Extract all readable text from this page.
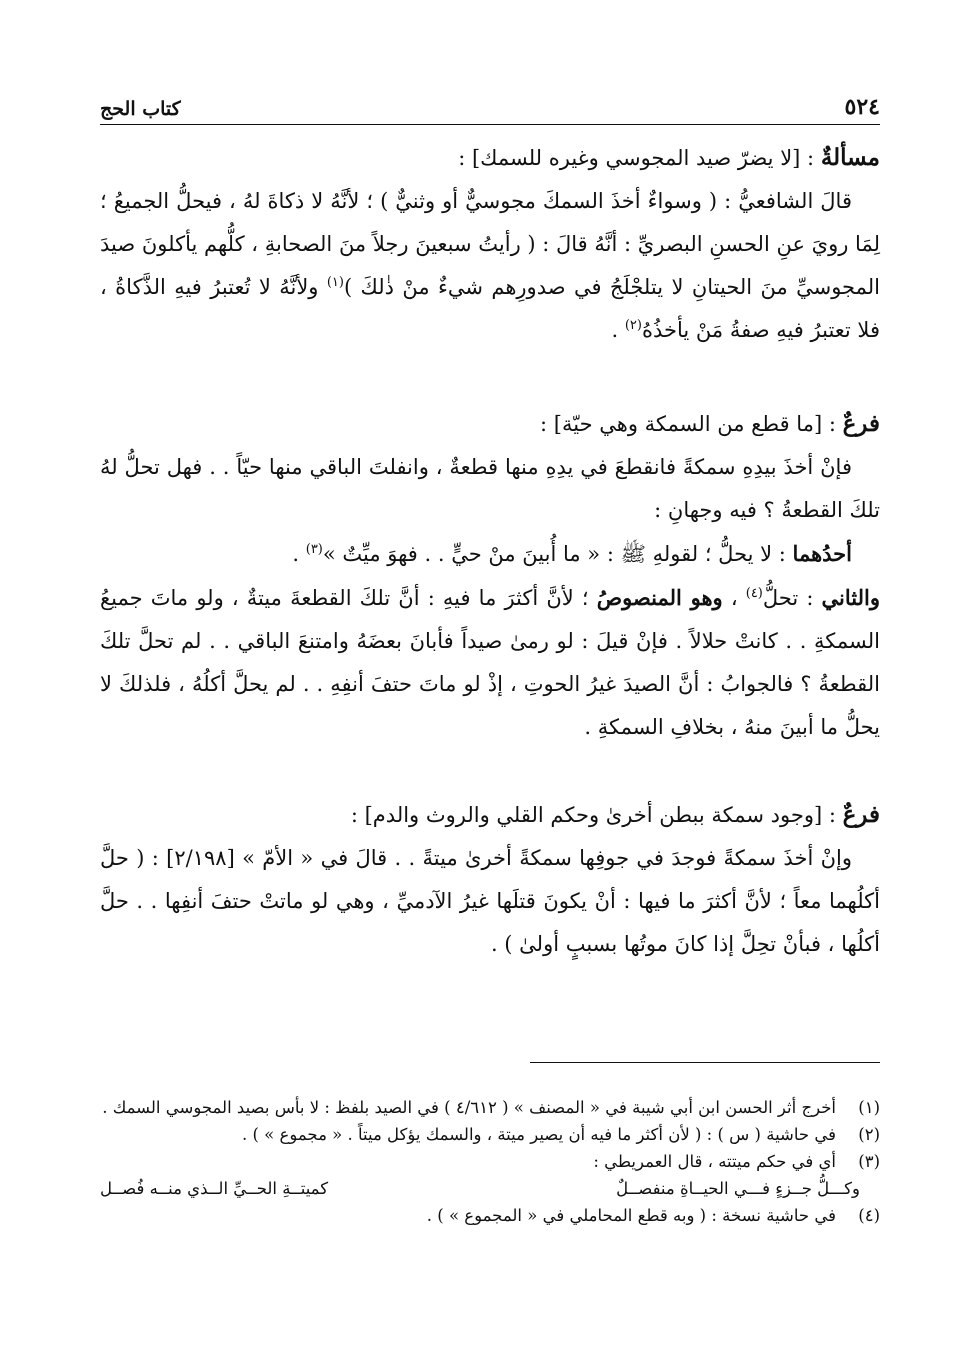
٥٢٤
كتاب الحج

مسألةٌ : [لا يضرّ صيد المجوسي وغيره للسمك] :

قالَ الشافعيُّ : ( وسواءٌ أخذَ السمكَ مجوسيٌّ أو وثنيٌّ ) ؛ لأنَّهُ لا ذكاةَ لهُ ، فيحلُّ الجميعُ ؛ لِمَا رويَ عنِ الحسنِ البصريِّ : أنَّهُ قالَ : ( رأيتُ سبعينَ رجلاً منَ الصحابةِ ، كلُّهم يأكلونَ صيدَ المجوسيِّ منَ الحيتانِ لا يتلجْلَجُ في صدورِهم شيءٌ منْ ذٰلكَ )$^{(١)}$ ولأنَّهُ لا تُعتبرُ فيهِ الذَّكاةُ ، فلا تعتبرُ فيهِ صفةُ مَنْ يأخذُهُ$^{(٢)}$ .

فرعٌ : [ما قطع من السمكة وهي حيّة] :

فإنْ أخذَ بيدِهِ سمكةً فانقطعَ في يدِهِ منها قطعةٌ ، وانفلتَ الباقي منها حيّاً . . فهل تحلُّ لهُ تلكَ القطعةُ ؟ فيه وجهانِ :

أحدُهما : لا يحلُّ ؛ لقولهِ ﷺ : « ما أُبينَ منْ حيٍّ . . فهوَ ميِّتٌ »$^{(٣)}$ .

والثاني : تحلُّ$^{(٤)}$ ، وهو المنصوصُ ؛ لأنَّ أكثرَ ما فيهِ : أنَّ تلكَ القطعةَ ميتةٌ ، ولو ماتَ جميعُ السمكةِ . . كانتْ حلالاً . فإنْ قيلَ : لو رمىٰ صيداً فأبانَ بعضَهُ وامتنعَ الباقي . . لم تحلَّ تلكَ القطعةُ ؟ فالجوابُ : أنَّ الصيدَ غيرُ الحوتِ ، إذْ لو ماتَ حتفَ أنفِهِ . . لم يحلَّ أكلُهُ ، فلذلكَ لا يحلُّ ما أبينَ منهُ ، بخلافِ السمكةِ .

فرعٌ : [وجود سمكة ببطن أخرىٰ وحكم القلي والروث والدم] :

وإنْ أخذَ سمكةً فوجدَ في جوفِها سمكةً أخرىٰ ميتةً . . قالَ في « الأمّ » [٢/١٩٨] : ( حلَّ أكلُهما معاً ؛ لأنَّ أكثرَ ما فيها : أنْ يكونَ قتلَها غيرُ الآدميِّ ، وهي لو ماتتْ حتفَ أنفِها . . حلَّ أكلُها ، فبأنْ تحِلَّ إذا كانَ موتُها بسببٍ أولىٰ ) .

(١)
أخرج أثر الحسن ابن أبي شيبة في « المصنف » ( ٤/٦١٢ ) في الصيد بلفظ : لا بأس بصيد المجوسي السمك .

(٢)
في حاشية ( س ) : ( لأن أكثر ما فيه أن يصير ميتة ، والسمك يؤكل ميتاً . « مجموع » ) .

(٣)
أي في حكم ميتته ، قال العمريطي :

وكـــلُّ جــزءٍ فـــي الحيــاةِ منفصــلٌ
كميتــةِ الحــيِّ الــذي منــه فُصــل

(٤)
في حاشية نسخة : ( وبه قطع المحاملي في « المجموع » ) .
